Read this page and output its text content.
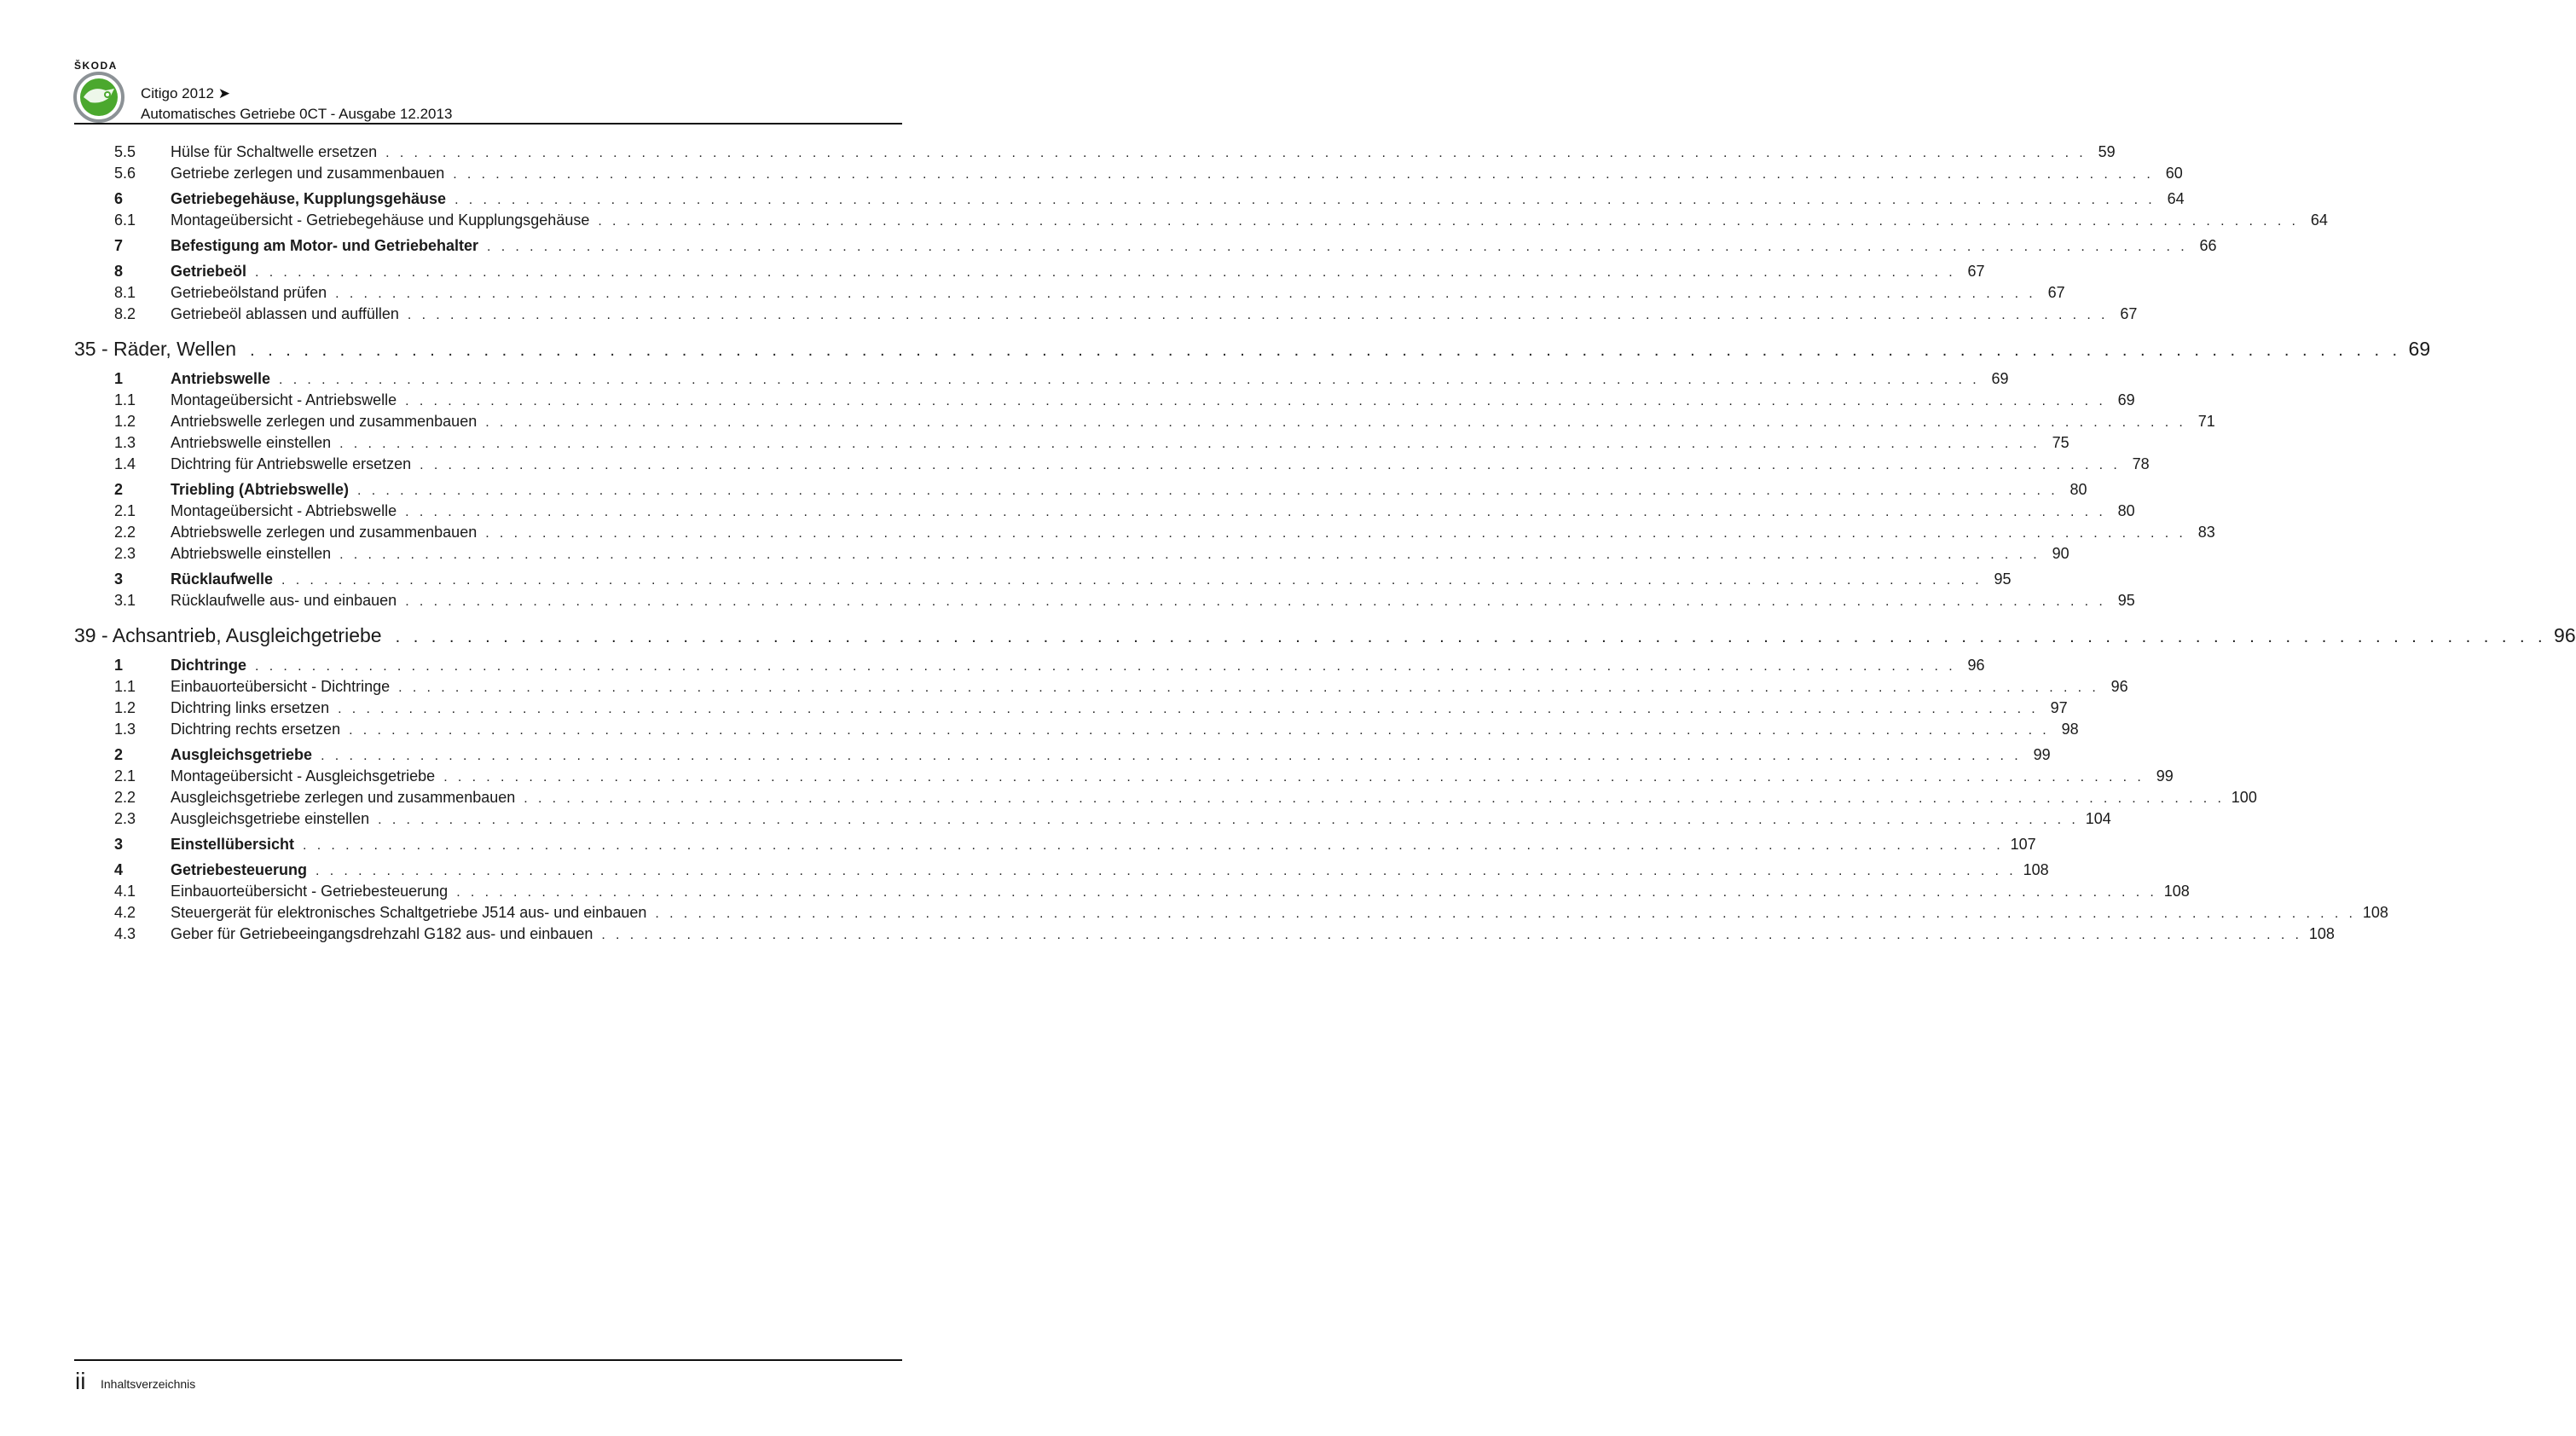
ŠKODA
Citigo 2012 ➤
Automatisches Getriebe 0CT - Ausgabe 12.2013
5.5	Hülse für Schaltwelle ersetzen . . . . . . . . . . . . . . . . . . . . . . . . . . . . . . . . . . . . . . . . . . . . . . . . . . . . . . . . . . . . . . . . . . . . . . . . . . . . . . . . . . . . . . . . . . . . . . . . . . . . . . . . . . . . . . . . . . . . . . . . 59
5.6	Getriebe zerlegen und zusammenbauen . . . . . . . . . . . . . . . . . . . . . . . . . . . . . . . . . . . . . . . . . . . . . . . . . . . . . . . . . . . . . . . . . . . . . . . . . . . . . . . . . . . . . . . . . . . . . . . . . . . . . . . . . . . . . . . . . . . . . . . . 60
6	Getriebegehäuse, Kupplungsgehäuse . . . . . . . . . . . . . . . . . . . . . . . . . . . . . . . . . . . . . . . . . . . . . . . . . . . . . . . . . . . . . . . . . . . . . . . . . . . . . . . . . . . . . . . . . . . . . . . . . . . . . . . . . . . . . . . . . . . . . . . . 64
6.1	Montageübersicht - Getriebegehäuse und Kupplungsgehäuse . . . . . . . . . . . . . . . . . . . . . . . . . . . . . . . . . . . . . . . . . . . . . . . . . . . . . . . . . . . . . . . . . . . . . . . . . . . . . . . . . . . . . . . . . . . . . . . . . . . . . . . . . . . . . . . . . . . . . . . . 64
7	Befestigung am Motor- und Getriebehalter . . . . . . . . . . . . . . . . . . . . . . . . . . . . . . . . . . . . . . . . . . . . . . . . . . . . . . . . . . . . . . . . . . . . . . . . . . . . . . . . . . . . . . . . . . . . . . . . . . . . . . . . . . . . . . . . . . . . . . . . 66
8	Getriebeöl . . . . . . . . . . . . . . . . . . . . . . . . . . . . . . . . . . . . . . . . . . . . . . . . . . . . . . . . . . . . . . . . . . . . . . . . . . . . . . . . . . . . . . . . . . . . . . . . . . . . . . . . . . . . . . . . . . . . . . . . 67
8.1	Getriebeölstand prüfen . . . . . . . . . . . . . . . . . . . . . . . . . . . . . . . . . . . . . . . . . . . . . . . . . . . . . . . . . . . . . . . . . . . . . . . . . . . . . . . . . . . . . . . . . . . . . . . . . . . . . . . . . . . . . . . . . . . . . . . . 67
8.2	Getriebeöl ablassen und auffüllen . . . . . . . . . . . . . . . . . . . . . . . . . . . . . . . . . . . . . . . . . . . . . . . . . . . . . . . . . . . . . . . . . . . . . . . . . . . . . . . . . . . . . . . . . . . . . . . . . . . . . . . . . . . . . . . . . . . . . . . . 67
35 - Räder, Wellen . . . . . . . . . . . . . . . . . . . . . . . . . . . . . . . . . . . . . . . . . . . . . . . . . . . . . . . . . . . . . . . . . . . . . . . . . . . . . . . . . . . . . . . . . . . . . . . . . . . . . . . . . . . . . . . . . . . . . . . . 69
1	Antriebswelle . . . . . . . . . . . . . . . . . . . . . . . . . . . . . . . . . . . . . . . . . . . . . . . . . . . . . . . . . . . . . . . . . . . . . . . . . . . . . . . . . . . . . . . . . . . . . . . . . . . . . . . . . . . . . . . . . . . . . . . . 69
1.1	Montageübersicht - Antriebswelle . . . . . . . . . . . . . . . . . . . . . . . . . . . . . . . . . . . . . . . . . . . . . . . . . . . . . . . . . . . . . . . . . . . . . . . . . . . . . . . . . . . . . . . . . . . . . . . . . . . . . . . . . . . . . . . . . . . . . . . . 69
1.2	Antriebswelle zerlegen und zusammenbauen . . . . . . . . . . . . . . . . . . . . . . . . . . . . . . . . . . . . . . . . . . . . . . . . . . . . . . . . . . . . . . . . . . . . . . . . . . . . . . . . . . . . . . . . . . . . . . . . . . . . . . . . . . . . . . . . . . . . . . . . 71
1.3	Antriebswelle einstellen . . . . . . . . . . . . . . . . . . . . . . . . . . . . . . . . . . . . . . . . . . . . . . . . . . . . . . . . . . . . . . . . . . . . . . . . . . . . . . . . . . . . . . . . . . . . . . . . . . . . . . . . . . . . . . . . . . . . . . . . 75
1.4	Dichtring für Antriebswelle ersetzen . . . . . . . . . . . . . . . . . . . . . . . . . . . . . . . . . . . . . . . . . . . . . . . . . . . . . . . . . . . . . . . . . . . . . . . . . . . . . . . . . . . . . . . . . . . . . . . . . . . . . . . . . . . . . . . . . . . . . . . . 78
2	Triebling (Abtriebswelle) . . . . . . . . . . . . . . . . . . . . . . . . . . . . . . . . . . . . . . . . . . . . . . . . . . . . . . . . . . . . . . . . . . . . . . . . . . . . . . . . . . . . . . . . . . . . . . . . . . . . . . . . . . . . . . . . . . . . . . . . 80
2.1	Montageübersicht - Abtriebswelle . . . . . . . . . . . . . . . . . . . . . . . . . . . . . . . . . . . . . . . . . . . . . . . . . . . . . . . . . . . . . . . . . . . . . . . . . . . . . . . . . . . . . . . . . . . . . . . . . . . . . . . . . . . . . . . . . . . . . . . . 80
2.2	Abtriebswelle zerlegen und zusammenbauen . . . . . . . . . . . . . . . . . . . . . . . . . . . . . . . . . . . . . . . . . . . . . . . . . . . . . . . . . . . . . . . . . . . . . . . . . . . . . . . . . . . . . . . . . . . . . . . . . . . . . . . . . . . . . . . . . . . . . . . . 83
2.3	Abtriebswelle einstellen . . . . . . . . . . . . . . . . . . . . . . . . . . . . . . . . . . . . . . . . . . . . . . . . . . . . . . . . . . . . . . . . . . . . . . . . . . . . . . . . . . . . . . . . . . . . . . . . . . . . . . . . . . . . . . . . . . . . . . . . 90
3	Rücklaufwelle . . . . . . . . . . . . . . . . . . . . . . . . . . . . . . . . . . . . . . . . . . . . . . . . . . . . . . . . . . . . . . . . . . . . . . . . . . . . . . . . . . . . . . . . . . . . . . . . . . . . . . . . . . . . . . . . . . . . . . . . 95
3.1	Rücklaufwelle aus- und einbauen . . . . . . . . . . . . . . . . . . . . . . . . . . . . . . . . . . . . . . . . . . . . . . . . . . . . . . . . . . . . . . . . . . . . . . . . . . . . . . . . . . . . . . . . . . . . . . . . . . . . . . . . . . . . . . . . . . . . . . . . 95
39 - Achsantrieb, Ausgleichgetriebe . . . . . . . . . . . . . . . . . . . . . . . . . . . . . . . . . . . . . . . . . . . . . . . . . . . . . . . . . . . . . . . . . . . . . . . . . . . . . . . . . . . . . . . . . . . . . . . . . . . . . . . . . . . . . . . . . . . . . . . . 96
1	Dichtringe . . . . . . . . . . . . . . . . . . . . . . . . . . . . . . . . . . . . . . . . . . . . . . . . . . . . . . . . . . . . . . . . . . . . . . . . . . . . . . . . . . . . . . . . . . . . . . . . . . . . . . . . . . . . . . . . . . . . . . . . 96
1.1	Einbauorteübersicht - Dichtringe . . . . . . . . . . . . . . . . . . . . . . . . . . . . . . . . . . . . . . . . . . . . . . . . . . . . . . . . . . . . . . . . . . . . . . . . . . . . . . . . . . . . . . . . . . . . . . . . . . . . . . . . . . . . . . . . . . . . . . . . 96
1.2	Dichtring links ersetzen . . . . . . . . . . . . . . . . . . . . . . . . . . . . . . . . . . . . . . . . . . . . . . . . . . . . . . . . . . . . . . . . . . . . . . . . . . . . . . . . . . . . . . . . . . . . . . . . . . . . . . . . . . . . . . . . . . . . . . . . 97
1.3	Dichtring rechts ersetzen . . . . . . . . . . . . . . . . . . . . . . . . . . . . . . . . . . . . . . . . . . . . . . . . . . . . . . . . . . . . . . . . . . . . . . . . . . . . . . . . . . . . . . . . . . . . . . . . . . . . . . . . . . . . . . . . . . . . . . . . 98
2	Ausgleichsgetriebe . . . . . . . . . . . . . . . . . . . . . . . . . . . . . . . . . . . . . . . . . . . . . . . . . . . . . . . . . . . . . . . . . . . . . . . . . . . . . . . . . . . . . . . . . . . . . . . . . . . . . . . . . . . . . . . . . . . . . . . . 99
2.1	Montageübersicht - Ausgleichsgetriebe . . . . . . . . . . . . . . . . . . . . . . . . . . . . . . . . . . . . . . . . . . . . . . . . . . . . . . . . . . . . . . . . . . . . . . . . . . . . . . . . . . . . . . . . . . . . . . . . . . . . . . . . . . . . . . . . . . . . . . . . 99
2.2	Ausgleichsgetriebe zerlegen und zusammenbauen . . . . . . . . . . . . . . . . . . . . . . . . . . . . . . . . . . . . . . . . . . . . . . . . . . . . . . . . . . . . . . . . . . . . . . . . . . . . . . . . . . . . . . . . . . . . . . . . . . . . . . . . . . . . . . . . . . . . . . . . 100
2.3	Ausgleichsgetriebe einstellen . . . . . . . . . . . . . . . . . . . . . . . . . . . . . . . . . . . . . . . . . . . . . . . . . . . . . . . . . . . . . . . . . . . . . . . . . . . . . . . . . . . . . . . . . . . . . . . . . . . . . . . . . . . . . . . . . . . . . . . . 104
3	Einstellübersicht . . . . . . . . . . . . . . . . . . . . . . . . . . . . . . . . . . . . . . . . . . . . . . . . . . . . . . . . . . . . . . . . . . . . . . . . . . . . . . . . . . . . . . . . . . . . . . . . . . . . . . . . . . . . . . . . . . . . . . . . 107
4	Getriebesteuerung . . . . . . . . . . . . . . . . . . . . . . . . . . . . . . . . . . . . . . . . . . . . . . . . . . . . . . . . . . . . . . . . . . . . . . . . . . . . . . . . . . . . . . . . . . . . . . . . . . . . . . . . . . . . . . . . . . . . . . . . 108
4.1	Einbauorteübersicht - Getriebesteuerung . . . . . . . . . . . . . . . . . . . . . . . . . . . . . . . . . . . . . . . . . . . . . . . . . . . . . . . . . . . . . . . . . . . . . . . . . . . . . . . . . . . . . . . . . . . . . . . . . . . . . . . . . . . . . . . . . . . . . . . . 108
4.2	Steuergerät für elektronisches Schaltgetriebe J514 aus- und einbauen . . . . . . . . . . . . . . . . . . . . . . . . . . . . . . . . . . . . . . . . . . . . . . . . . . . . . . . . . . . . . . . . . . . . . . . . . . . . . . . . . . . . . . . . . . . . . . . . . . . . . . . . . . . . . . . . . . . . . . . . 108
4.3	Geber für Getriebeeingangsdrehzahl G182 aus- und einbauen . . . . . . . . . . . . . . . . . . . . . . . . . . . . . . . . . . . . . . . . . . . . . . . . . . . . . . . . . . . . . . . . . . . . . . . . . . . . . . . . . . . . . . . . . . . . . . . . . . . . . . . . . . . . . . . . . . . . . . . . 108
ii Inhaltsverzeichnis
